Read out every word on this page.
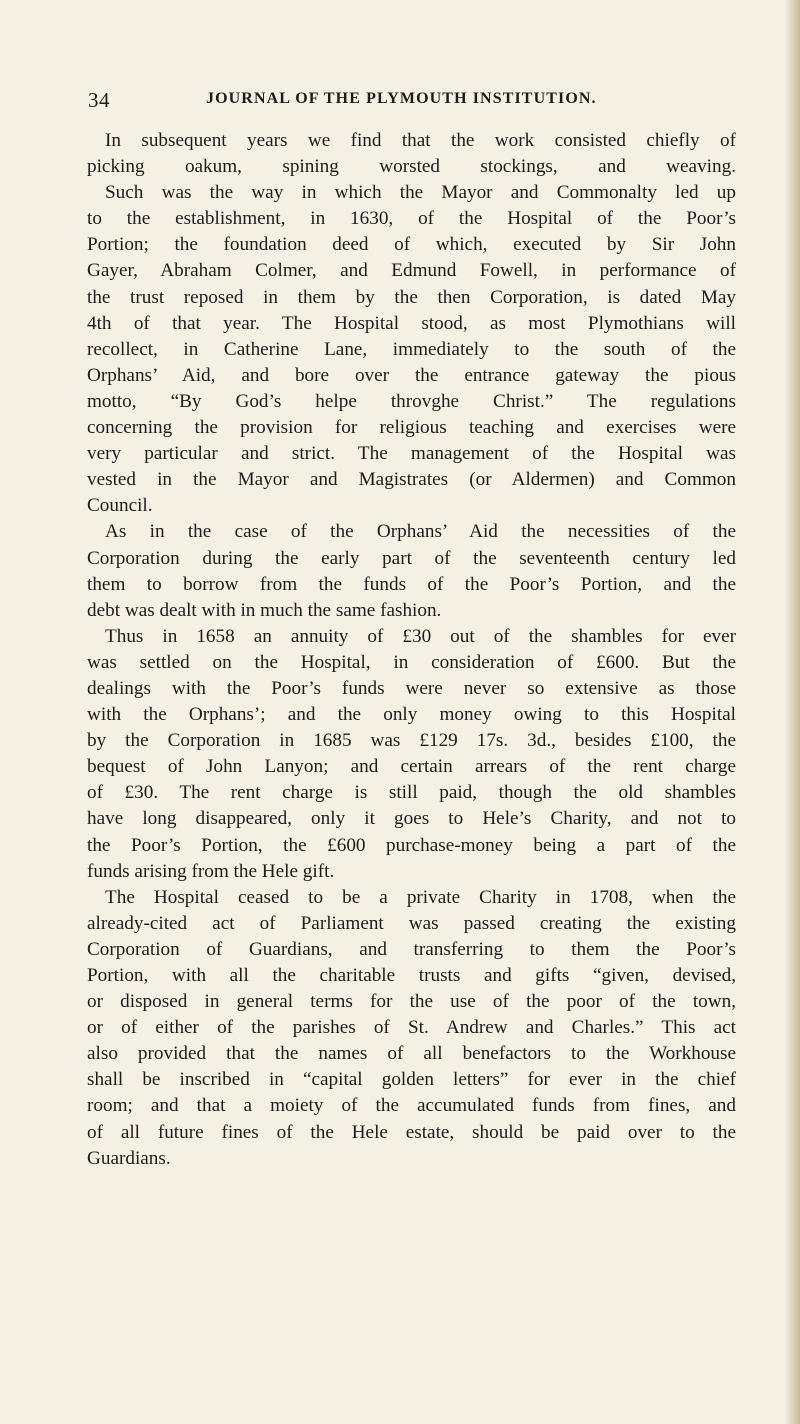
34	JOURNAL OF THE PLYMOUTH INSTITUTION.
In subsequent years we find that the work consisted chiefly of
picking oakum, spining worsted stockings, and weaving.
Such was the way in which the Mayor and Commonalty led up
to the establishment, in 1630, of the Hospital of the Poor’s
Portion; the foundation deed of which, executed by Sir John
Gayer, Abraham Colmer, and Edmund Fowell, in performance of
the trust reposed in them by the then Corporation, is dated May
4th of that year. The Hospital stood, as most Plymothians will
recollect, in Catherine Lane, immediately to the south of the
Orphans’ Aid, and bore over the entrance gateway the pious
motto, “By God’s helpe throvghe Christ.” The regulations
concerning the provision for religious teaching and exercises were
very particular and strict. The management of the Hospital was
vested in the Mayor and Magistrates (or Aldermen) and Common
Council.
As in the case of the Orphans’ Aid the necessities of the
Corporation during the early part of the seventeenth century led
them to borrow from the funds of the Poor’s Portion, and the
debt was dealt with in much the same fashion.
Thus in 1658 an annuity of £30 out of the shambles for ever
was settled on the Hospital, in consideration of £600. But the
dealings with the Poor’s funds were never so extensive as those
with the Orphans’; and the only money owing to this Hospital
by the Corporation in 1685 was £129 17s. 3d., besides £100, the
bequest of John Lanyon; and certain arrears of the rent charge
of £30. The rent charge is still paid, though the old shambles
have long disappeared, only it goes to Hele’s Charity, and not to
the Poor’s Portion, the £600 purchase-money being a part of the
funds arising from the Hele gift.
The Hospital ceased to be a private Charity in 1708, when the
already-cited act of Parliament was passed creating the existing
Corporation of Guardians, and transferring to them the Poor’s
Portion, with all the charitable trusts and gifts “given, devised,
or disposed in general terms for the use of the poor of the town,
or of either of the parishes of St. Andrew and Charles.” This act
also provided that the names of all benefactors to the Workhouse
shall be inscribed in “capital golden letters” for ever in the chief
room; and that a moiety of the accumulated funds from fines, and
of all future fines of the Hele estate, should be paid over to the
Guardians.
